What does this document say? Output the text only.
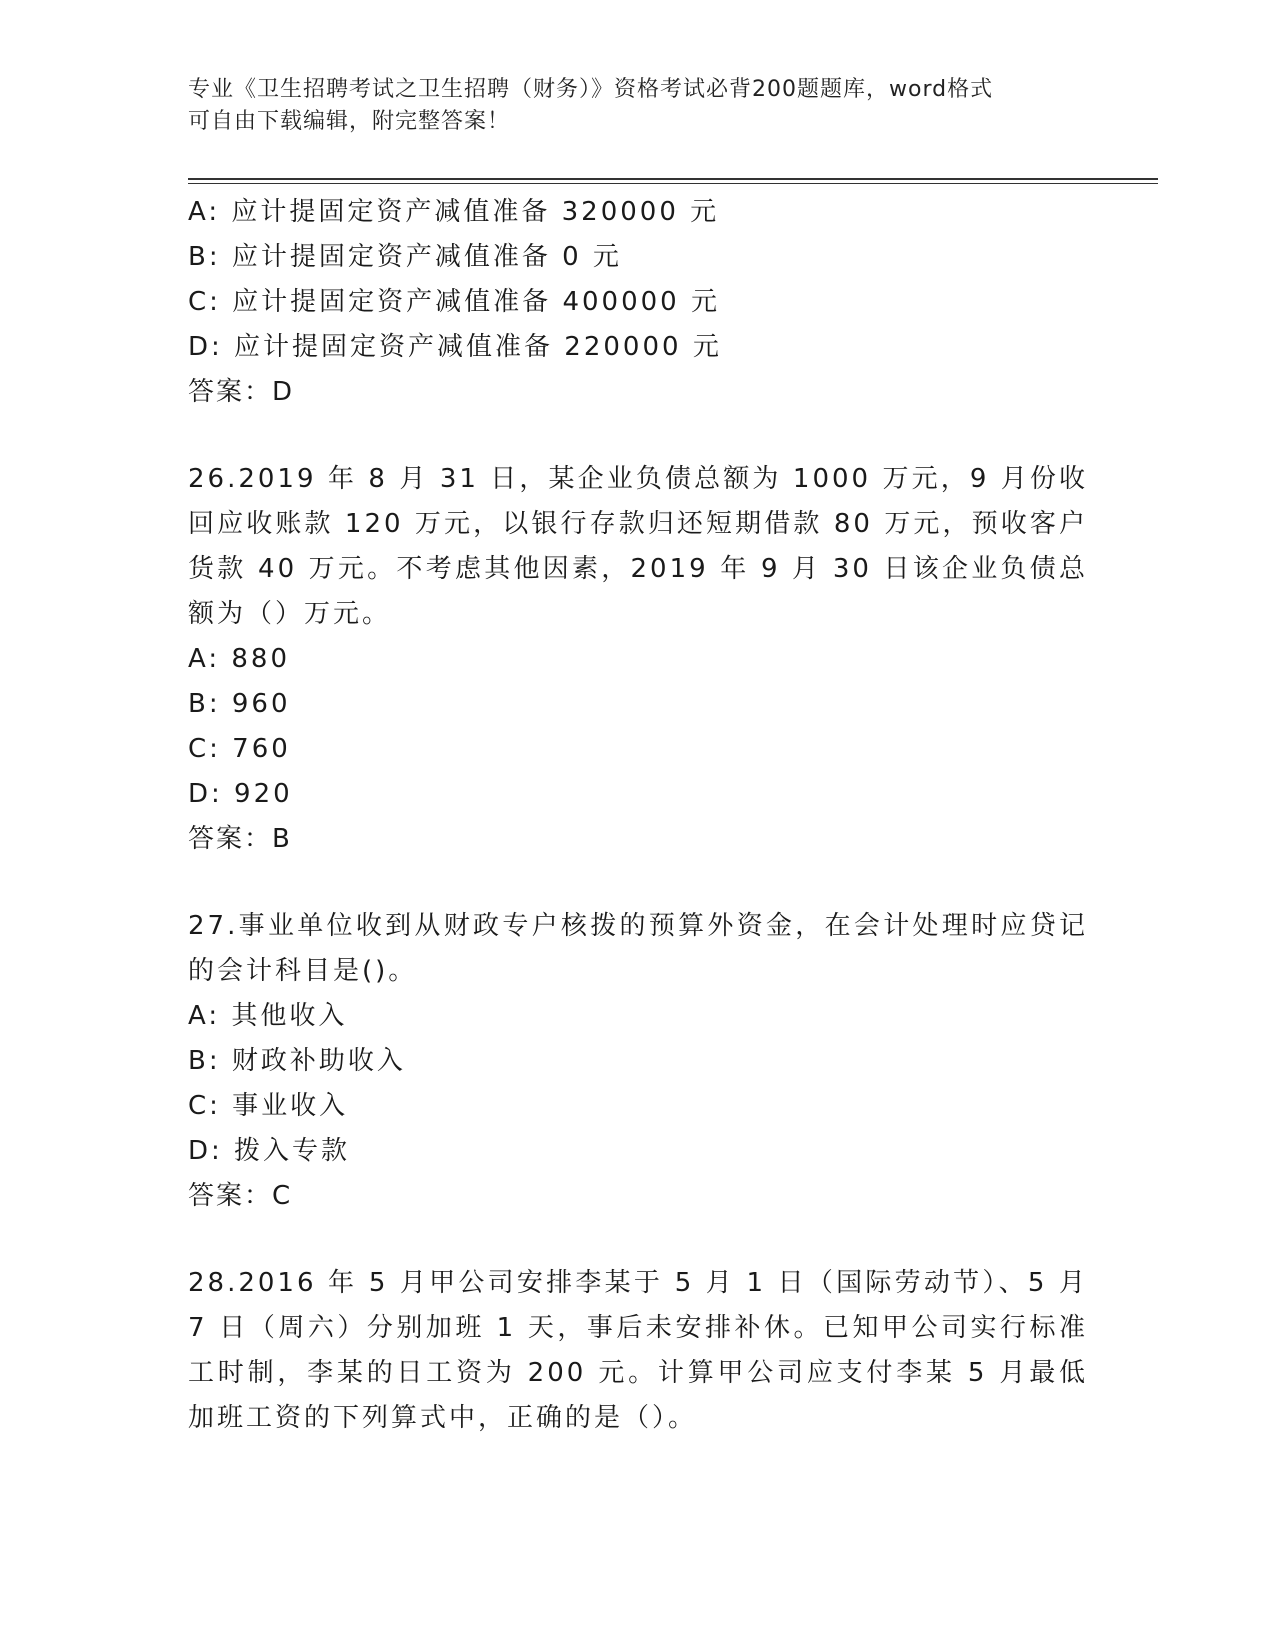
专业《卫生招聘考试之卫生招聘（财务）》资格考试必背200题题库，word格式
可自由下载编辑，附完整答案！
A: 应计提固定资产减值准备 320000 元
B: 应计提固定资产减值准备 0 元
C: 应计提固定资产减值准备 400000 元
D: 应计提固定资产减值准备 220000 元
答案：D
26.2019 年 8 月 31 日，某企业负债总额为 1000 万元，9 月份收回应收账款 120 万元，以银行存款归还短期借款 80 万元，预收客户货款 40 万元。不考虑其他因素，2019 年 9 月 30 日该企业负债总额为（）万元。
A: 880
B: 960
C: 760
D: 920
答案：B
27.事业单位收到从财政专户核拨的预算外资金，在会计处理时应贷记的会计科目是()。
A: 其他收入
B: 财政补助收入
C: 事业收入
D: 拨入专款
答案：C
28.2016 年 5 月甲公司安排李某于 5 月 1 日（国际劳动节）、5 月 7 日（周六）分别加班 1 天，事后未安排补休。已知甲公司实行标准工时制，李某的日工资为 200 元。计算甲公司应支付李某 5 月最低加班工资的下列算式中，正确的是（）。
